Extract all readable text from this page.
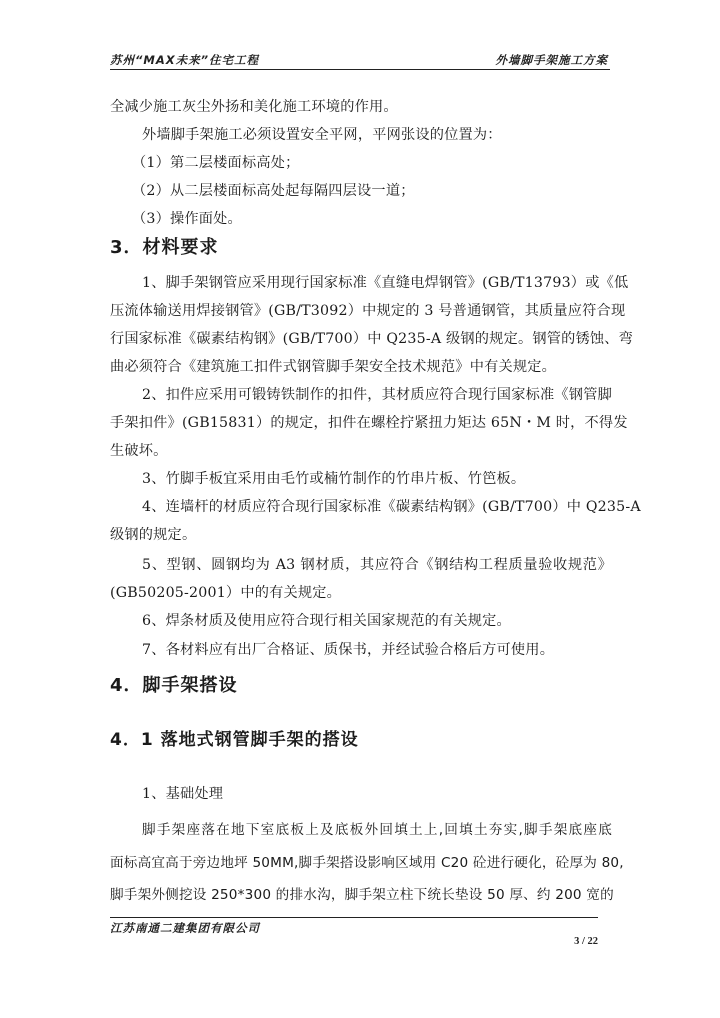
苏州“MAX未来”住宅工程	外墙脚手架施工方案
全减少施工灰尘外扬和美化施工环境的作用。
外墙脚手架施工必须设置安全平网，平网张设的位置为：
（1）第二层楼面标高处；
（2）从二层楼面标高处起每隔四层设一道；
（3）操作面处。
3．材料要求
1、脚手架钢管应采用现行国家标准《直缝电焊钢管》(GB/T13793）或《低
压流体输送用焊接钢管》(GB/T3092）中规定的 3 号普通钢管，其质量应符合现
行国家标准《碳素结构钢》(GB/T700）中 Q235-A 级钢的规定。钢管的锈蚀、弯
曲必须符合《建筑施工扣件式钢管脚手架安全技术规范》中有关规定。
2、扣件应采用可锻铸铁制作的扣件，其材质应符合现行国家标准《钢管脚
手架扣件》(GB15831）的规定，扣件在螺栓拧紧扭力矩达 65N・M 时，不得发
生破坏。
3、竹脚手板宜采用由毛竹或楠竹制作的竹串片板、竹笆板。
4、连墙杆的材质应符合现行国家标准《碳素结构钢》(GB/T700）中 Q235-A
级钢的规定。
5、型钢、圆钢均为 A3 钢材质，其应符合《钢结构工程质量验收规范》
(GB50205-2001）中的有关规定。
6、焊条材质及使用应符合现行相关国家规范的有关规定。
7、各材料应有出厂合格证、质保书，并经试验合格后方可使用。
4．脚手架搭设
4．1 落地式钢管脚手架的搭设
1、基础处理
脚手架座落在地下室底板上及底板外回填土上,回填土夯实,脚手架底座底
面标高宜高于旁边地坪 50MM,脚手架搭设影响区域用 C20 砼进行硬化，砼厚为 80,
脚手架外侧挖设 250*300 的排水沟，脚手架立柱下统长垫设 50 厚、约 200 宽的
江苏南通二建集团有限公司
3 / 22
